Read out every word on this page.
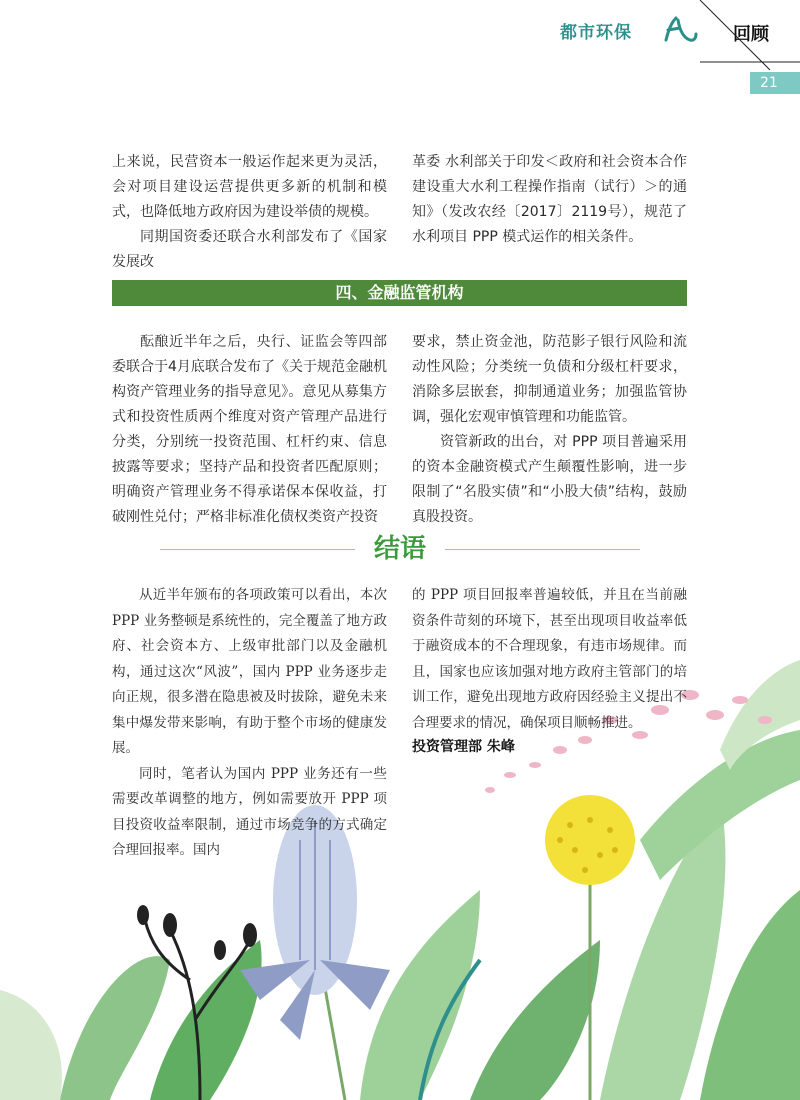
都市环保	回顾
21

上来说，民营资本一般运作起来更为灵活，会对项目建设运营提供更多新的机制和模式，也降低地方政府因为建设举债的规模。

同期国资委还联合水利部发布了《国家发展改

革委 水利部关于印发＜政府和社会资本合作建设重大水利工程操作指南（试行）＞的通知》（发改农经〔2017〕2119号），规范了水利项目 PPP 模式运作的相关条件。

四、金融监管机构

酝酿近半年之后，央行、证监会等四部委联合于4月底联合发布了《关于规范金融机构资产管理业务的指导意见》。意见从募集方式和投资性质两个维度对资产管理产品进行分类，分别统一投资范围、杠杆约束、信息披露等要求；坚持产品和投资者匹配原则；明确资产管理业务不得承诺保本保收益，打破刚性兑付；严格非标准化债权类资产投资

要求，禁止资金池，防范影子银行风险和流动性风险；分类统一负债和分级杠杆要求，消除多层嵌套，抑制通道业务；加强监管协调，强化宏观审慎管理和功能监管。

资管新政的出台，对 PPP 项目普遍采用的资本金融资模式产生颠覆性影响，进一步限制了“名股实债”和“小股大债”结构，鼓励真股投资。

结语

从近半年颁布的各项政策可以看出，本次 PPP 业务整顿是系统性的，完全覆盖了地方政府、社会资本方、上级审批部门以及金融机构，通过这次“风波”，国内 PPP 业务逐步走向正规，很多潜在隐患被及时拔除，避免未来集中爆发带来影响，有助于整个市场的健康发展。

同时，笔者认为国内 PPP 业务还有一些需要改革调整的地方，例如需要放开 PPP 项目投资收益率限制，通过市场竞争的方式确定合理回报率。国内

的 PPP 项目回报率普遍较低，并且在当前融资条件苛刻的环境下，甚至出现项目收益率低于融资成本的不合理现象，有违市场规律。而且，国家也应该加强对地方政府主管部门的培训工作，避免出现地方政府因经验主义提出不合理要求的情况，确保项目顺畅推进。

投资管理部 朱峰
